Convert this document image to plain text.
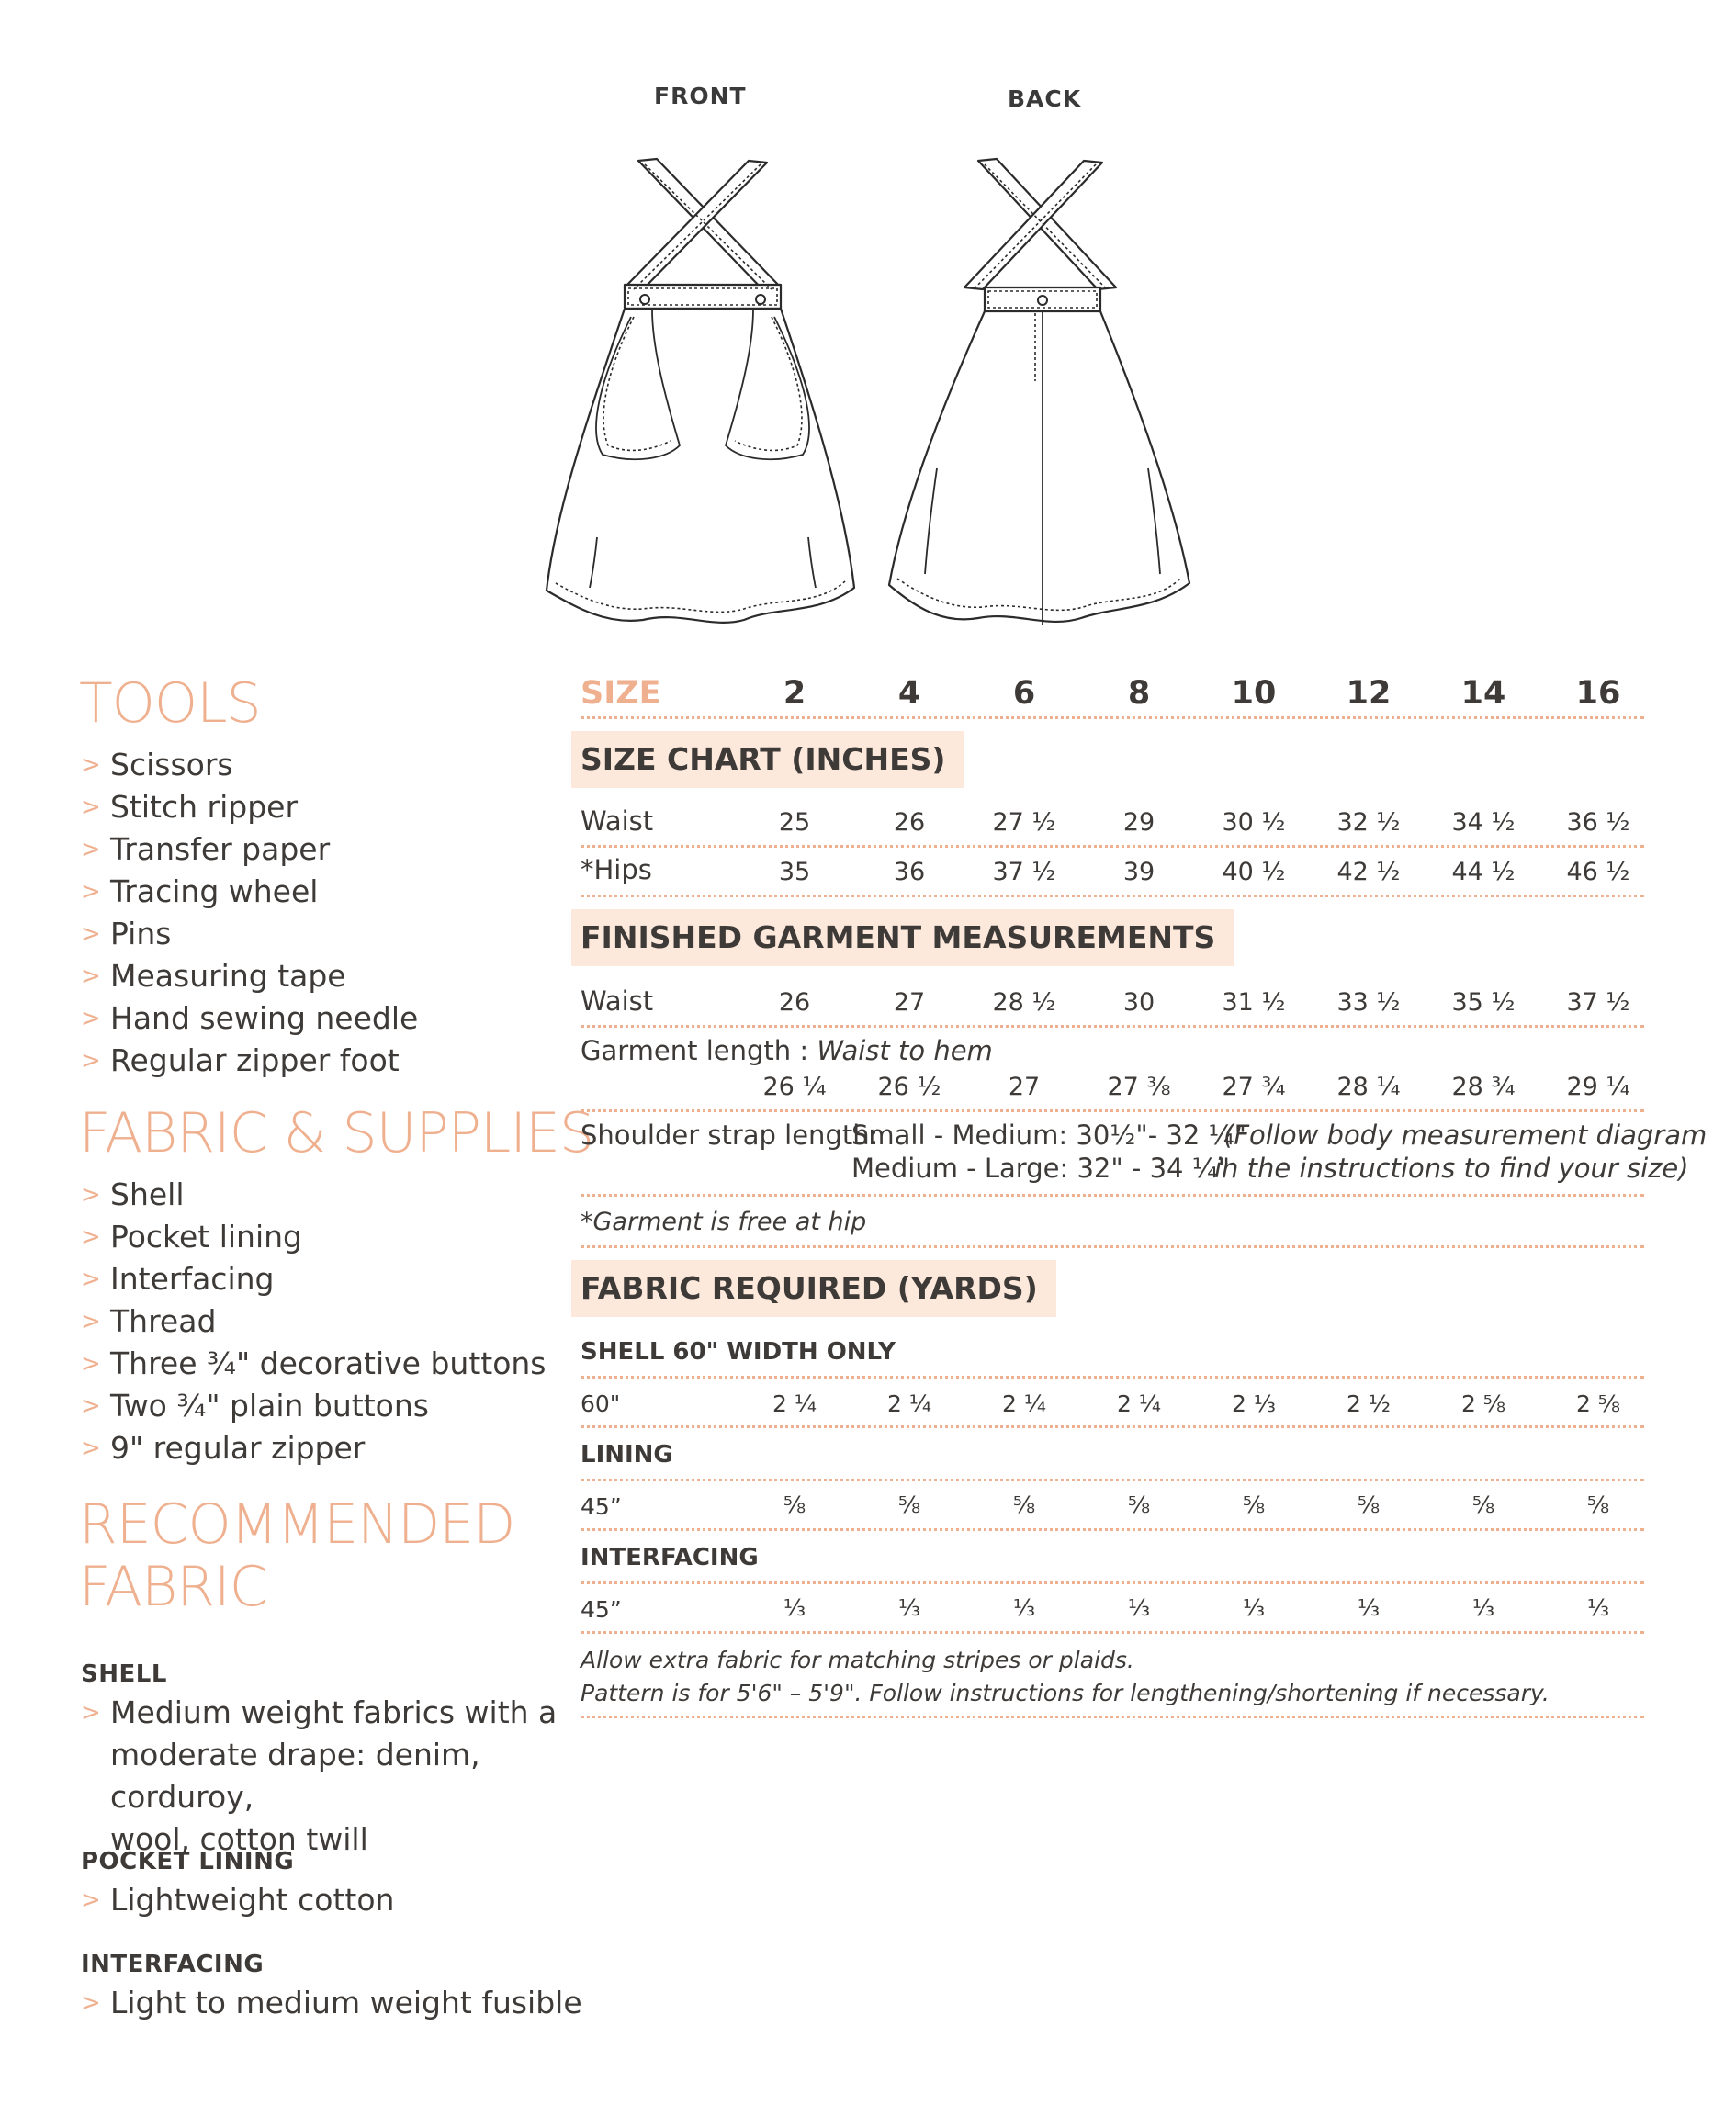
FRONT	BACK
TOOLS
> Scissors
> Stitch ripper
> Transfer paper
> Tracing wheel
> Pins
> Measuring tape
> Hand sewing needle
> Regular zipper foot
FABRIC & SUPPLIES
> Shell
> Pocket lining
> Interfacing
> Thread
> Three ¾" decorative buttons
> Two ¾" plain buttons
> 9" regular zipper
RECOMMENDED
FABRIC
SHELL
> Medium weight fabrics with a
moderate drape: denim, corduroy,
wool, cotton twill
POCKET LINING
> Lightweight cotton
INTERFACING
> Light to medium weight fusible
SIZE	2	4	6	8	10	12	14	16
SIZE CHART (INCHES)
Waist	25	26	27 ½	29	30 ½	32 ½	34 ½	36 ½
*Hips	35	36	37 ½	39	40 ½	42 ½	44 ½	46 ½
FINISHED GARMENT MEASUREMENTS
Waist	26	27	28 ½	30	31 ½	33 ½	35 ½	37 ½
Garment length : Waist to hem
26 ¼	26 ½	27	27 ⅜	27 ¾	28 ¼	28 ¾	29 ¼
Shoulder strap length:
Small - Medium: 30½"- 32 ¼"
Medium - Large: 32" - 34 ¼"
(Follow body measurement diagram
in the instructions to find your size)
*Garment is free at hip
FABRIC REQUIRED (YARDS)
SHELL 60" WIDTH ONLY
60"	2 ¼	2 ¼	2 ¼	2 ¼	2 ⅓	2 ½	2 ⅝	2 ⅝
LINING
45”	⅝	⅝	⅝	⅝	⅝	⅝	⅝	⅝
INTERFACING
45”	⅓	⅓	⅓	⅓	⅓	⅓	⅓	⅓
Allow extra fabric for matching stripes or plaids.
Pattern is for 5'6" – 5'9". Follow instructions for lengthening/shortening if necessary.
